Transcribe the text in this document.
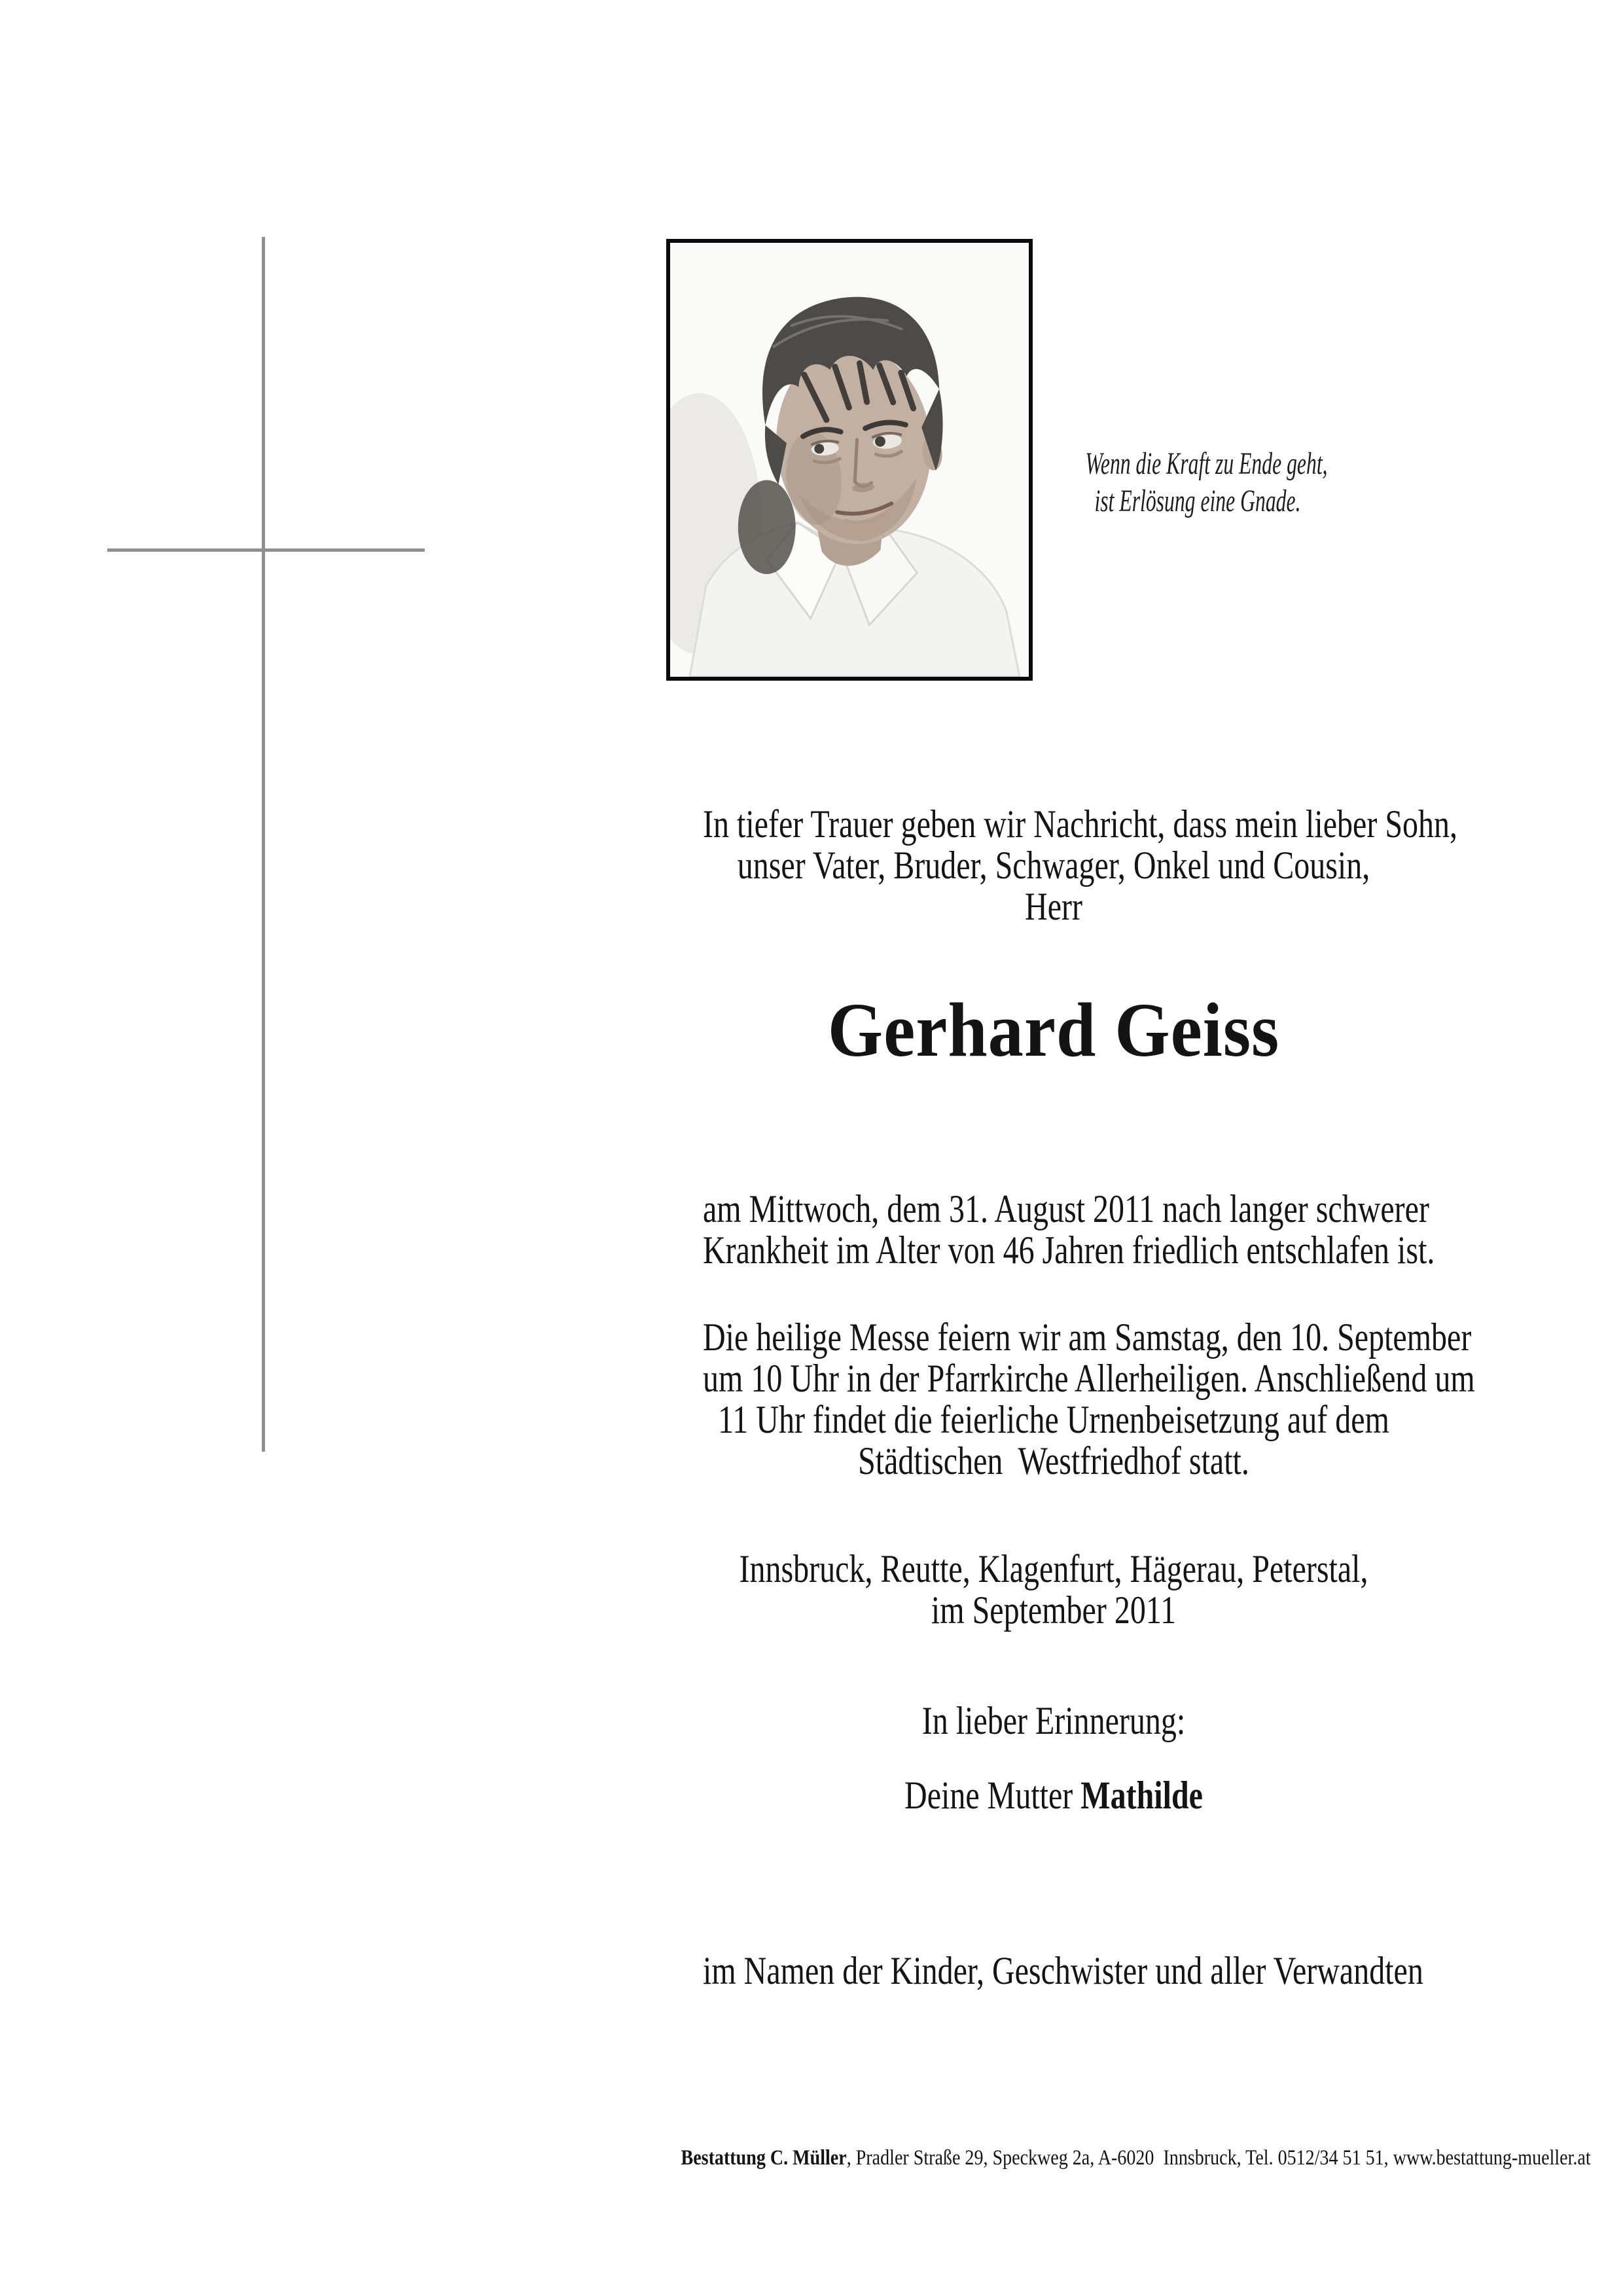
Wenn die Kraft zu Ende geht,
ist Erlösung eine Gnade.
In tiefer Trauer geben wir Nachricht, dass mein lieber Sohn,
unser Vater, Bruder, Schwager, Onkel und Cousin,
Herr
Gerhard Geiss
am Mittwoch, dem 31. August 2011 nach langer schwerer
Krankheit im Alter von 46 Jahren friedlich entschlafen ist.
Die heilige Messe feiern wir am Samstag, den 10. September
um 10 Uhr in der Pfarrkirche Allerheiligen. Anschließend um
11 Uhr findet die feierliche Urnenbeisetzung auf dem
Städtischen  Westfriedhof statt.
Innsbruck, Reutte, Klagenfurt, Hägerau, Peterstal,
im September 2011
In lieber Erinnerung:
Deine Mutter Mathilde
im Namen der Kinder, Geschwister und aller Verwandten
Bestattung C. Müller, Pradler Straße 29, Speckweg 2a, A-6020  Innsbruck, Tel. 0512/34 51 51, www.bestattung-mueller.at
